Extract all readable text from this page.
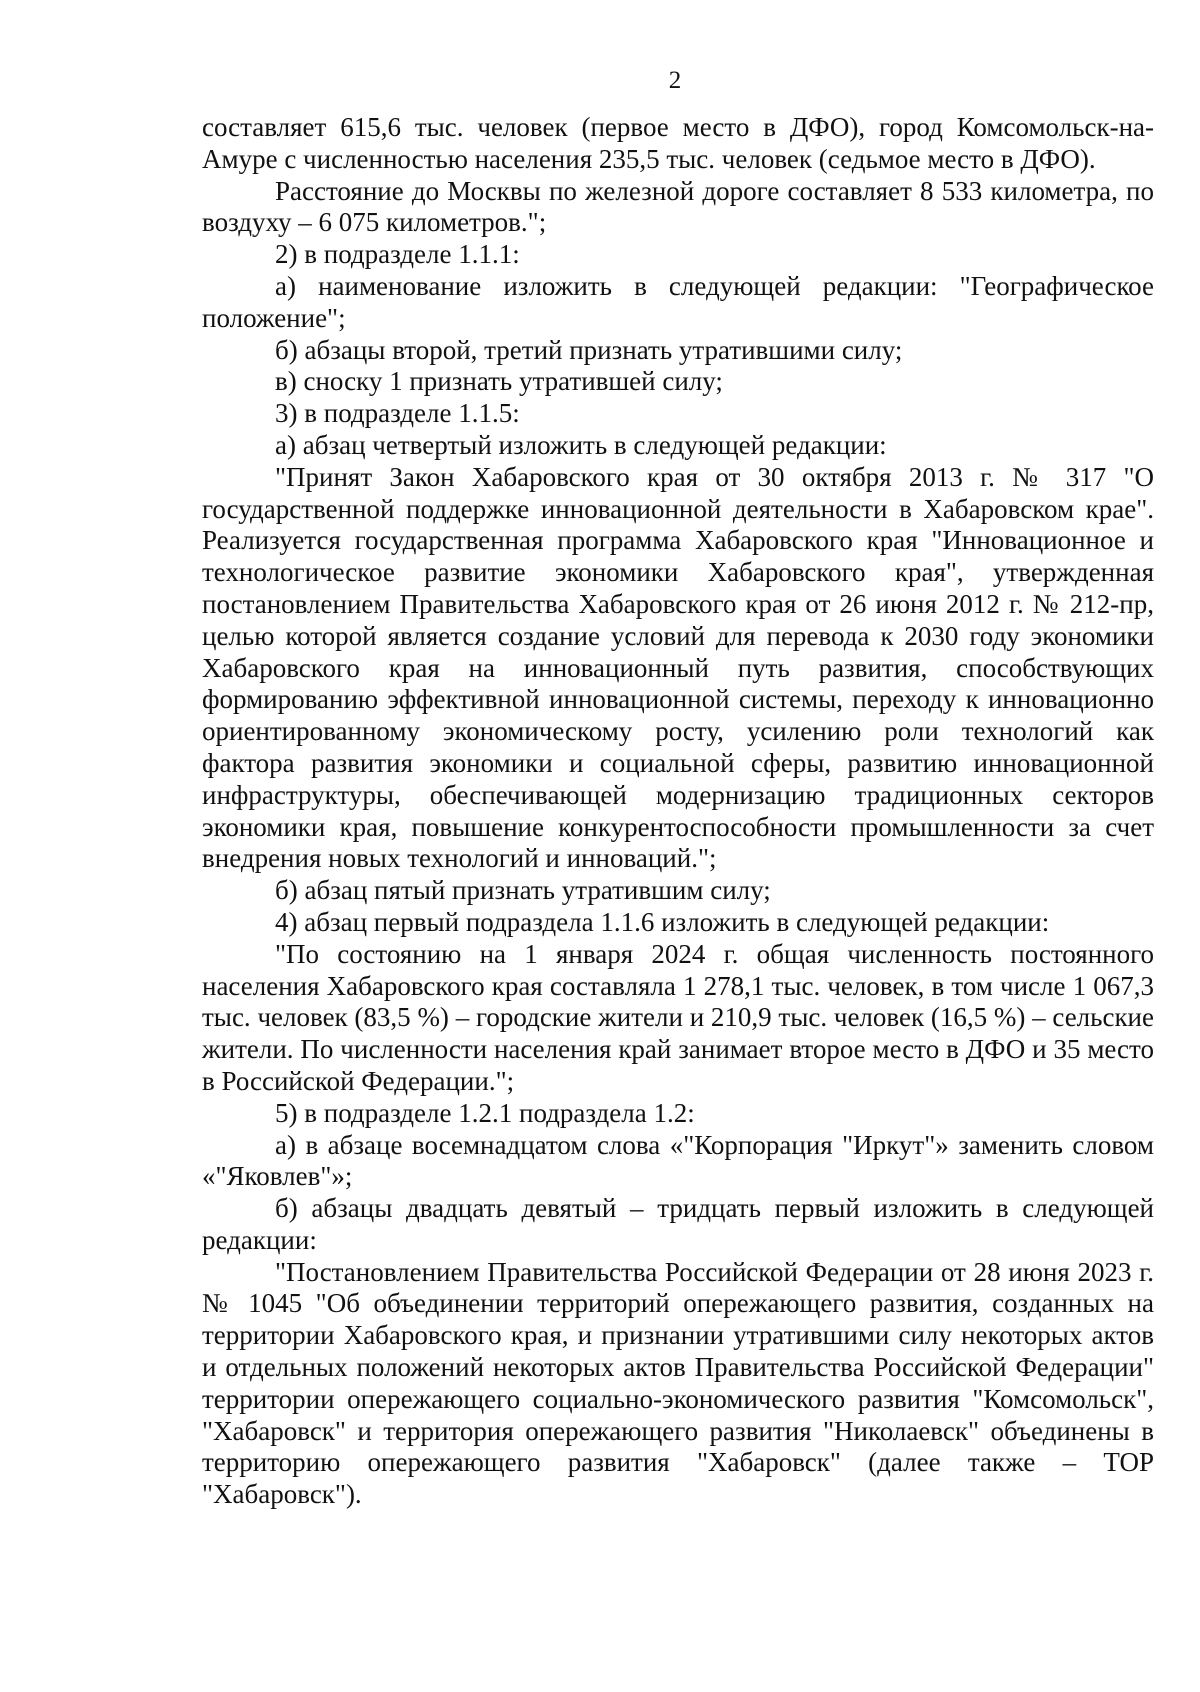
2

составляет 615,6 тыс. человек (первое место в ДФО), город Комсомольск-на-Амуре с численностью населения 235,5 тыс. человек (седьмое место в ДФО).

Расстояние до Москвы по железной дороге составляет 8 533 километра, по воздуху – 6 075 километров.";

2) в подразделе 1.1.1:

а) наименование изложить в следующей редакции: "Географическое положение";

б) абзацы второй, третий признать утратившими силу;

в) сноску 1 признать утратившей силу;

3) в подразделе 1.1.5:

а) абзац четвертый изложить в следующей редакции:

"Принят Закон Хабаровского края от 30 октября 2013 г. № 317 "О государственной поддержке инновационной деятельности в Хабаровском крае". Реализуется государственная программа Хабаровского края "Инновационное и технологическое развитие экономики Хабаровского края", утвержденная постановлением Правительства Хабаровского края от 26 июня 2012 г. № 212-пр, целью которой является создание условий для перевода к 2030 году экономики Хабаровского края на инновационный путь развития, способствующих формированию эффективной инновационной системы, переходу к инновационно ориентированному экономическому росту, усилению роли технологий как фактора развития экономики и социальной сферы, развитию инновационной инфраструктуры, обеспечивающей модернизацию традиционных секторов экономики края, повышение конкурентоспособности промышленности за счет внедрения новых технологий и инноваций.";

б) абзац пятый признать утратившим силу;

4) абзац первый подраздела 1.1.6 изложить в следующей редакции:

"По состоянию на 1 января 2024 г. общая численность постоянного населения Хабаровского края составляла 1 278,1 тыс. человек, в том числе 1 067,3 тыс. человек (83,5 %) – городские жители и 210,9 тыс. человек (16,5 %) – сельские жители. По численности населения край занимает второе место в ДФО и 35 место в Российской Федерации.";

5) в подразделе 1.2.1 подраздела 1.2:

а) в абзаце восемнадцатом слова «"Корпорация "Иркут"» заменить словом «"Яковлев"»;

б) абзацы двадцать девятый – тридцать первый изложить в следующей редакции:

"Постановлением Правительства Российской Федерации от 28 июня 2023 г. № 1045 "Об объединении территорий опережающего развития, созданных на территории Хабаровского края, и признании утратившими силу некоторых актов и отдельных положений некоторых актов Правительства Российской Федерации" территории опережающего социально-экономического развития "Комсомольск", "Хабаровск" и территория опережающего развития "Николаевск" объединены в территорию опережающего развития "Хабаровск" (далее также – ТОР "Хабаровск").
